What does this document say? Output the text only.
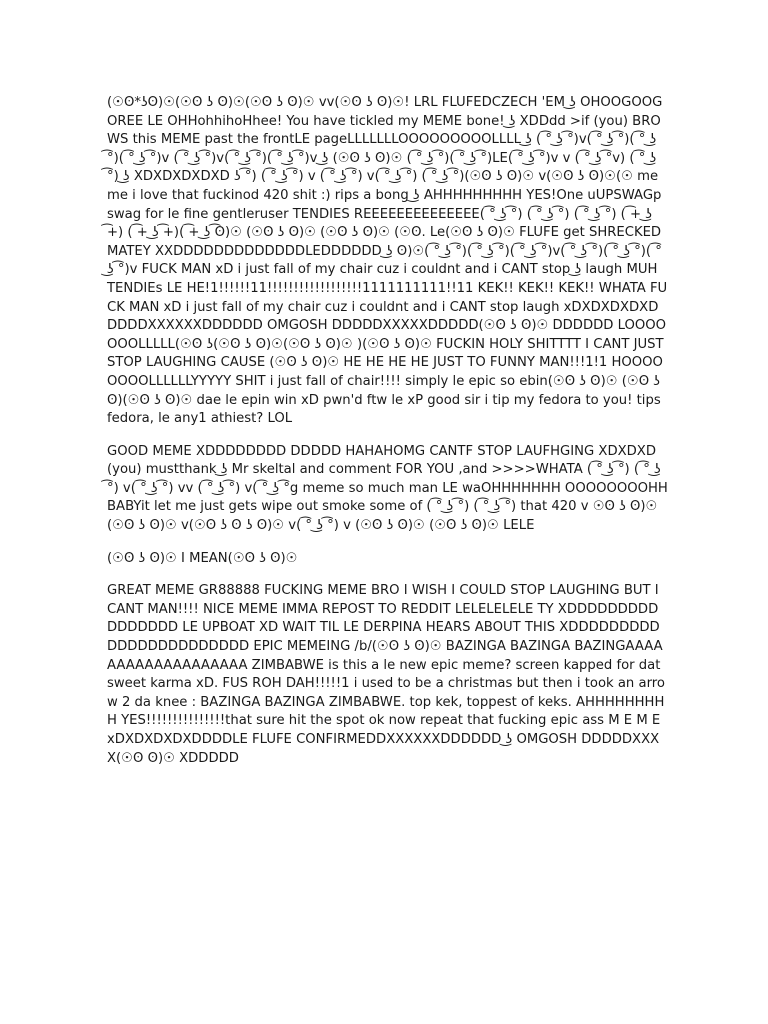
(☉ʘ*ʖʘ)☉(☉ʘ ʖ ʘ)☉(☉ʘ ʖ ʘ)☉ vv(☉ʘ ʖ ʘ)☉! LRL FLUFEDCZECH 'EM ͜ʖ OHOOGOOGOREE LE OHHohhihoHhee! You have tickled my MEME bone! ͜ʖ XDDdd >if (you) BROWS this MEME past the frontLE pageLLLLLLLOOOOOOOOOLLLL ͜ʖ ( ͡° ͜ʖ ͡°)v( ͡° ͜ʖ ͡°)( ͡° ͜ʖ ͡°)( ͡° ͜ʖ ͡°)v ( ͡° ͜ʖ ͡°)v( ͡° ͜ʖ ͡°)( ͡° ͜ʖ ͡°)v ͜ʖ (☉ʘ ʖ ʘ)☉ ( ͡° ͜ʖ ͡°)( ͡° ͜ʖ ͡°)LE( ͡° ͜ʖ ͡°)v v ( ͡° ͜ʖ ͡°v) ( ͡° ͜ʖ ͡°) ͜ʖ XDXDXDXDXD ʖ ͡°) ( ͡° ͜ʖ ͡°) v ( ͡° ͜ʖ ͡°) v( ͡° ͜ʖ ͡°) ( ͡° ͜ʖ ͡°)(☉ʘ ʖ ʘ)☉ v(☉ʘ ʖ ʘ)☉(☉ meme i love that fuckinod 420 shit :) rips a bong ͜ʖ AHHHHHHHHH YES!One uUPSWAGpswag for le fine gentleruser TENDIES REEEEEEEEEEEEEE( ͡° ͜ʖ ͡°) ( ͡° ͜ʖ ͡°) ( ͡° ͜ʖ ͡°) ( ͡+ ͜ʖ ͡+) ( ͡+ ͜ʖ ͡+)( ͡+ ͜ʖ ͡ʘ)☉ (☉ʘ ʖ ʘ)☉ (☉ʘ ʖ ʘ)☉ (☉ʘ. Le(☉ʘ ʖ ʘ)☉ FLUFE get SHRECKED MATEY XXDDDDDDDDDDDDDLEDDDDDD ͜ʖ ʘ)☉( ͡° ͜ʖ ͡°)( ͡° ͜ʖ ͡°)( ͡° ͜ʖ ͡°)v( ͡° ͜ʖ ͡°)( ͡° ͜ʖ ͡°)( ͡° ͜ʖ ͡°)v FUCK MAN xD i just fall of my chair cuz i couldnt and i CANT stop ͜ʖ laugh MUH TENDIEs LE HE!1!!!!!!11!!!!!!!!!!!!!!!!!!1111111111!!11 KEK!! KEK!! KEK!! WHATA FUCK MAN xD i just fall of my chair cuz i couldnt and i CANT stop laugh xDXDXDXDXDDDDDXXXXXXDDDDDD OMGOSH DDDDDXXXXXDDDDD(☉ʘ ʖ ʘ)☉ DDDDDD LOOOOOOOLLLLL(☉ʘ ʖ(☉ʘ ʖ ʘ)☉(☉ʘ ʖ ʘ)☉ )(☉ʘ ʖ ʘ)☉ FUCKIN HOLY SHITTTT I CANT JUST STOP LAUGHING CAUSE (☉ʘ ʖ ʘ)☉ HE HE HE HE JUST TO FUNNY MAN!!!1!1 HOOOOOOOOLLLLLLYYYYY SHIT i just fall of chair!!!! simply le epic so ebin(☉ʘ ʖ ʘ)☉ (☉ʘ ʖ ʘ)(☉ʘ ʖ ʘ)☉ dae le epin win xD pwn'd ftw le xP good sir i tip my fedora to you! tips fedora, le any1 athiest? LOL

GOOD MEME XDDDDDDDD DDDDD HAHAHOMG CANTF STOP LAUFHGING XDXDXD (you) mustthank ͜ʖ Mr skeltal and comment FOR YOU ,and >>>>WHATA ( ͡° ͜ʖ ͡°) ( ͡° ͜ʖ ͡°) v( ͡° ͜ʖ ͡°) vv ( ͡° ͜ʖ ͡°) v( ͡° ͜ʖ ͡°g meme so much man LE waOHHHHHHH OOOOOOOOHH BABYit let me just gets wipe out smoke some of ( ͡° ͜ʖ ͡°) ( ͡° ͜ʖ ͡°) that 420 v ☉ʘ ʖ ʘ)☉(☉ʘ ʖ ʘ)☉ v(☉ʘ ʖ ʘ ʖ ʘ)☉ v( ͡° ͜ʖ ͡°) v (☉ʘ ʖ ʘ)☉ (☉ʘ ʖ ʘ)☉ LELE

(☉ʘ ʖ ʘ)☉ I MEAN(☉ʘ ʖ ʘ)☉

GREAT MEME GR88888 FUCKING MEME BRO I WISH I COULD STOP LAUGHING BUT I CANT MAN!!!! NICE MEME IMMA REPOST TO REDDIT LELELELELE TY XDDDDDDDDDDDDDDDD LE UPBOAT XD WAIT TIL LE DERPINA HEARS ABOUT THIS XDDDDDDDDDDDDDDDDDDDDDDD EPIC MEMEING /b/(☉ʘ ʖ ʘ)☉ BAZINGA BAZINGA BAZINGAAAAAAAAAAAAAAAAAAA ZIMBABWE is this a le new epic meme? screen kapped for dat sweet karma xD. FUS ROH DAH!!!!!1 i used to be a christmas but then i took an arrow 2 da knee : BAZINGA BAZINGA ZIMBABWE. top kek, toppest of keks. AHHHHHHHHH YES!!!!!!!!!!!!!!!that sure hit the spot ok now repeat that fucking epic ass M E M E xDXDXDXDXDDDDLE FLUFE CONFIRMEDDXXXXXXDDDDDD ͜ʖ OMGOSH DDDDDXXXX(☉ʘ ʘ)☉ XDDDDD
